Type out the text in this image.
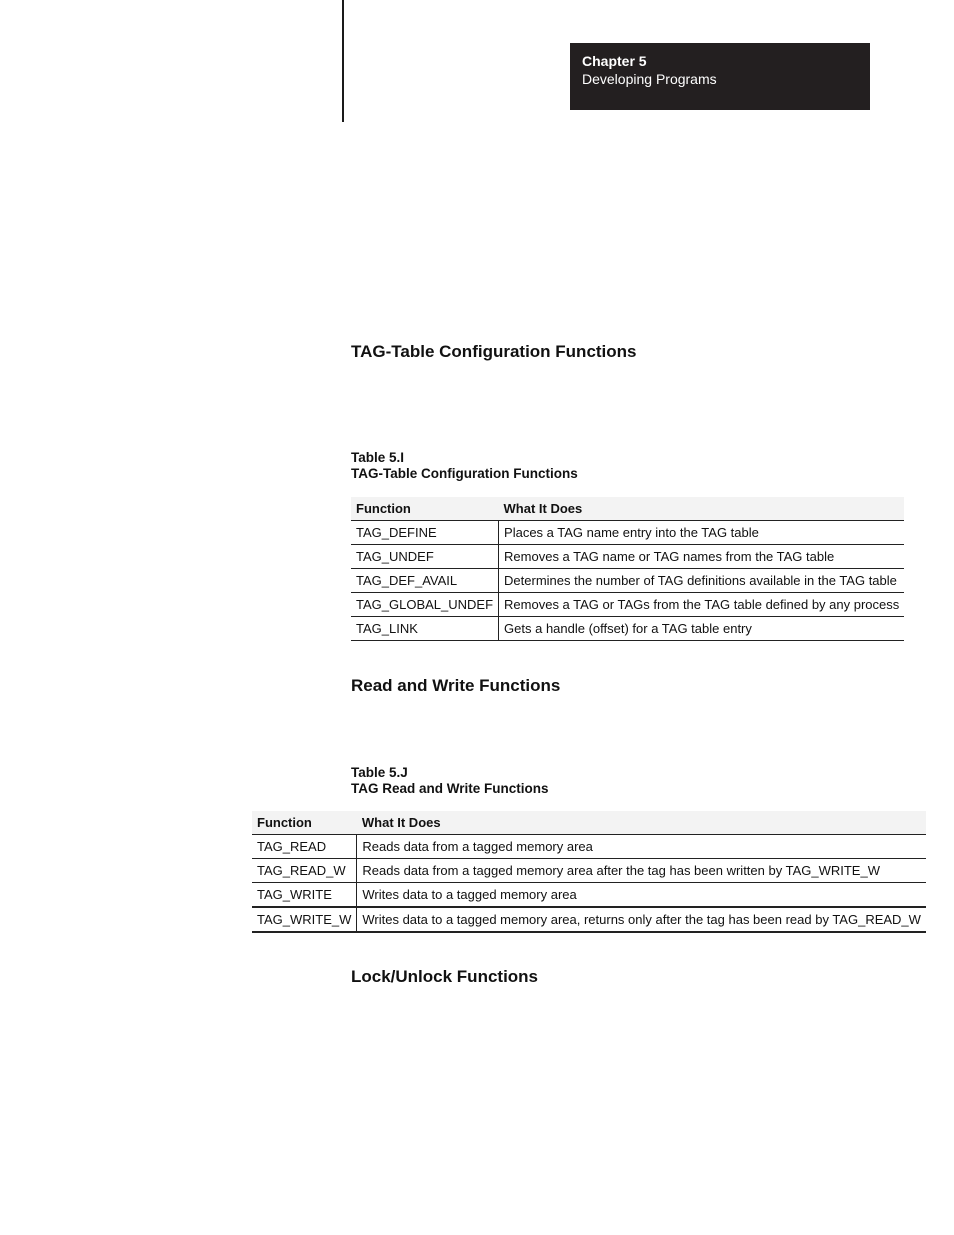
Chapter 5
Developing Programs
TAG-Table Configuration Functions
Table 5.I
TAG-Table Configuration Functions
Function	What It Does
TAG_DEFINE	Places a TAG name entry into the TAG table
TAG_UNDEF	Removes a TAG name or TAG names from the TAG table
TAG_DEF_AVAIL	Determines the number of TAG definitions available in the TAG table
TAG_GLOBAL_UNDEF	Removes a TAG or TAGs from the TAG table defined by any process
TAG_LINK	Gets a handle (offset) for a TAG table entry
Read and Write Functions
Table 5.J
TAG Read and Write Functions
Function	What It Does
TAG_READ	Reads data from a tagged memory area
TAG_READ_W	Reads data from a tagged memory area after the tag has been written by TAG_WRITE_W
TAG_WRITE	Writes data to a tagged memory area
TAG_WRITE_W	Writes data to a tagged memory area, returns only after the tag has been read by TAG_READ_W
Lock/Unlock Functions
